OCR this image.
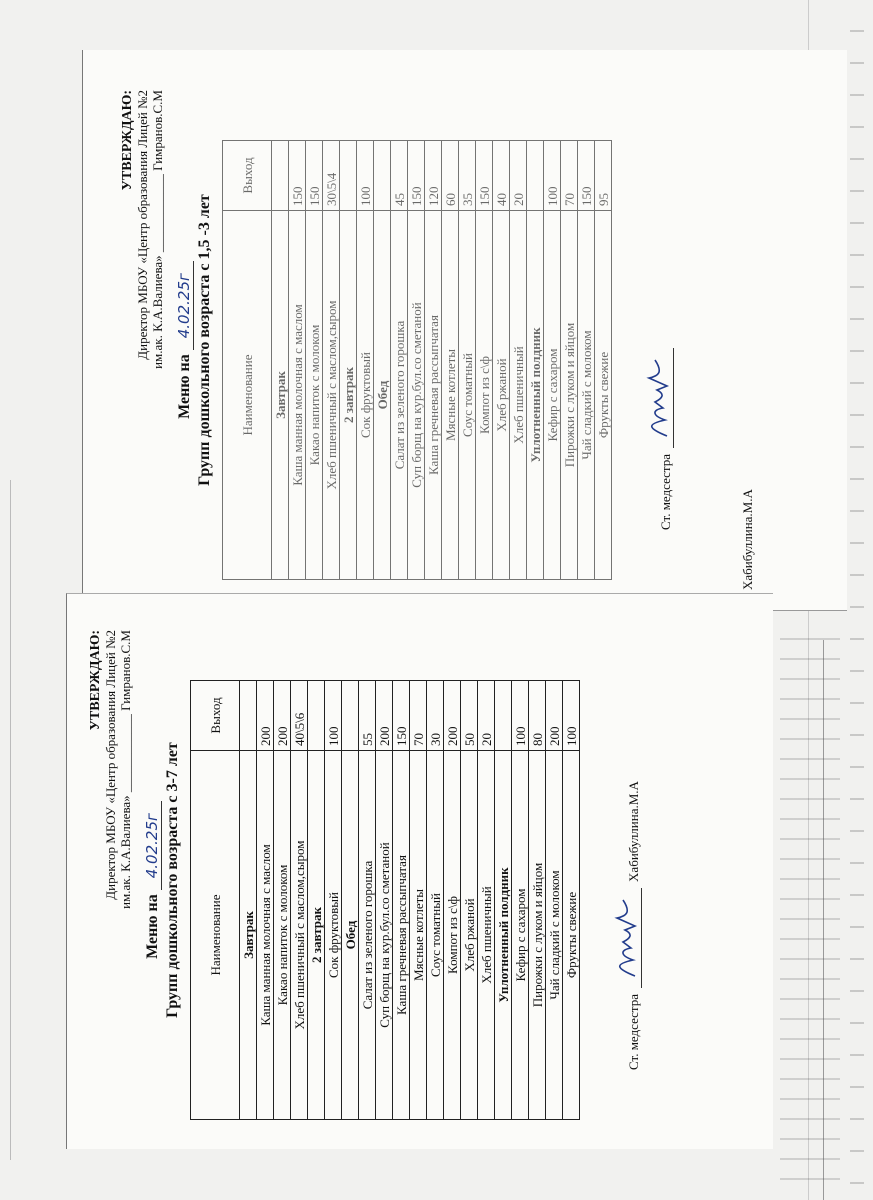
УТВЕРЖДАЮ: Директор МБОУ «Центр образования Лицей №2 им.ак. К.А.Валиева» ____________ Гимранов.С.М
Меню на 4.02.25г Групп дошкольного возраста с 3-7 лет Наименование	Выход
Завтрак	
Каша манная молочная с маслом	200
Какао напиток с молоком	200
Хлеб пшеничный с маслом,сыром	40\5\6
2 завтрак	
Сок фруктовый	100
Обед	
Салат из зеленого горошка	55
Суп борщ на кур.бул.со сметаной	200
Каша гречневая рассыпчатая	150
Мясные котлеты	70
Соус томатный	30
Компот из с\ф	200
Хлеб ржаной	50
Хлеб пшеничный	20
Уплотненный полдник	
Кефир с сахаром	100
Пирожки с луком и яйцом	80
Чай сладкий с молоком	200
Фрукты свежие	100
Ст. медсестра
Хабибуллина.М.А
УТВЕРЖДАЮ: Директор МБОУ «Центр образования Лицей №2 им.ак. К.А.Валиева» ____________ Гимранов.С.М
Меню на 4.02.25г Групп дошкольного возраста с 1,5 -3 лет Наименование	Выход
Завтрак	
Каша манная молочная с маслом	150
Какао напиток с молоком	150
Хлеб пшеничный с маслом,сыром	30\5\4
2 завтрак	
Сок фруктовый	100
Обед	
Салат из зеленого горошка	45
Суп борщ на кур.бул.со сметаной	150
Каша гречневая рассыпчатая	120
Мясные котлеты	60
Соус томатный	35
Компот из с\ф	150
Хлеб ржаной	40
Хлеб пшеничный	20
Уплотненный полдник	
Кефир с сахаром	100
Пирожки с луком и яйцом	70
Чай сладкий с молоком	150
Фрукты свежие	95
Ст. медсестра	Хабибуллина.М.А
